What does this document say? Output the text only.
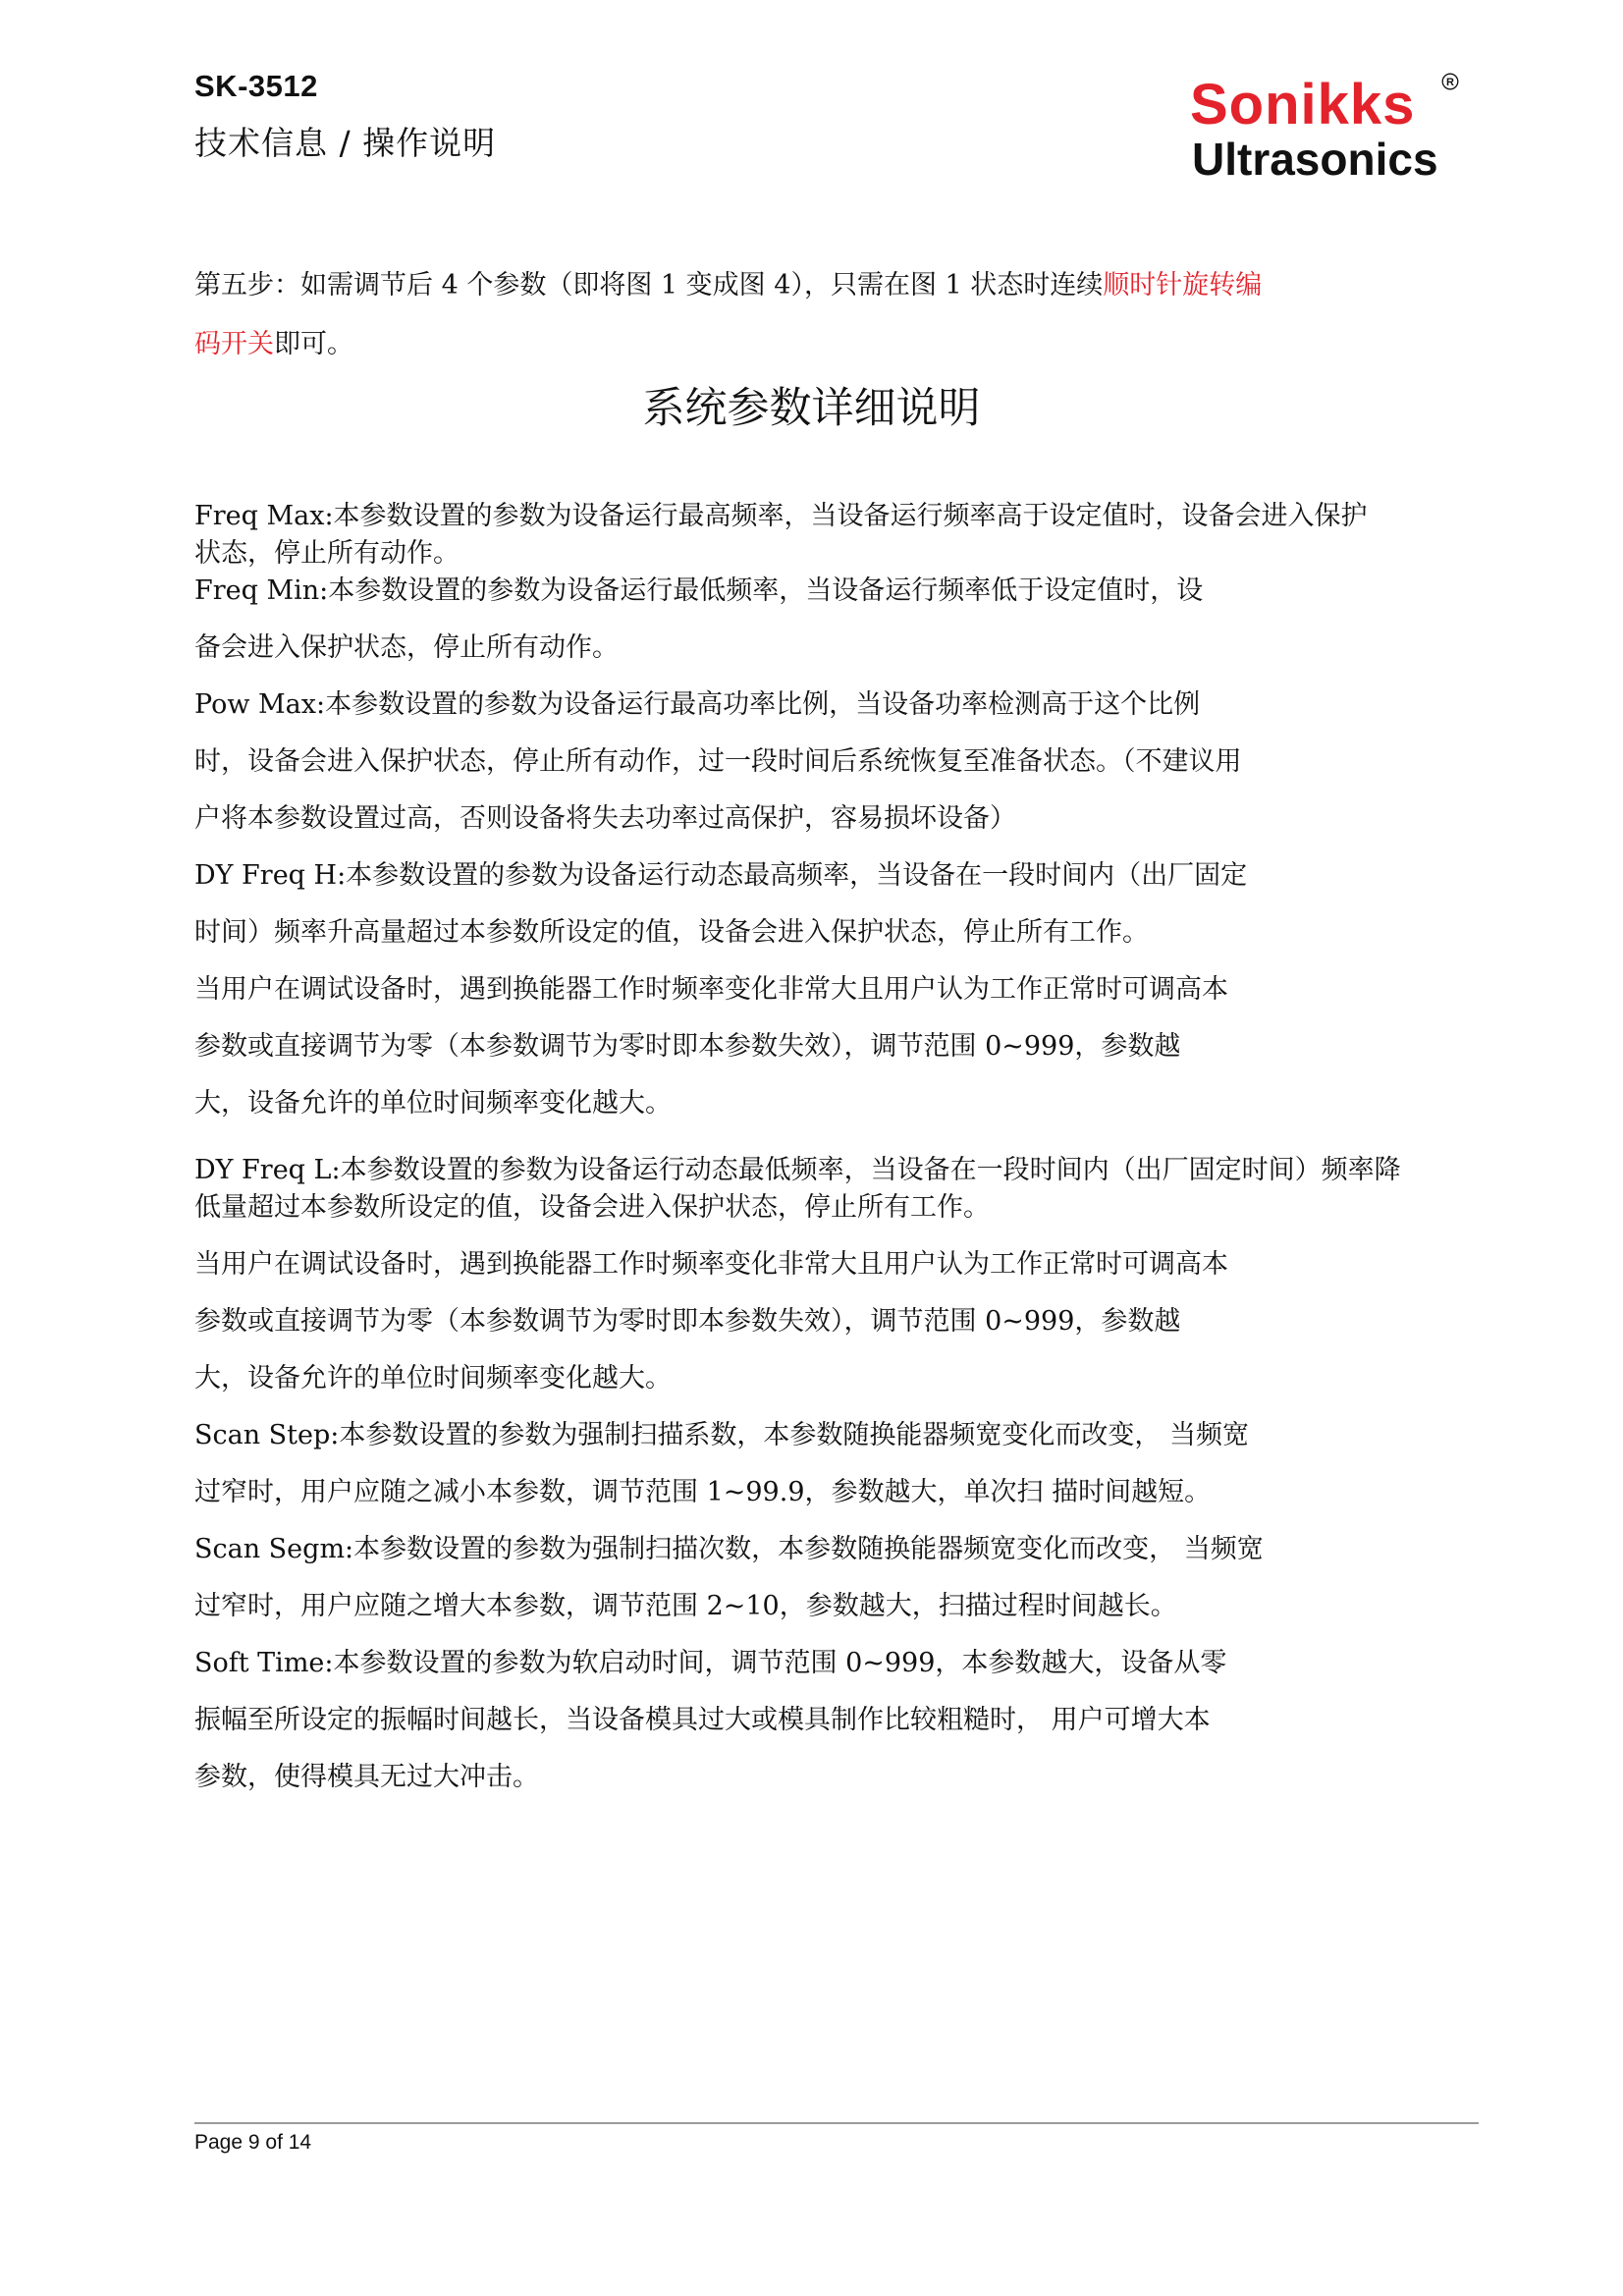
SK-3512
技术信息 / 操作说明
Sonikks	R
Ultrasonics
第五步：如需调节后 4 个参数（即将图 1 变成图 4），只需在图 1 状态时连续顺时针旋转编
码开关即可。
系统参数详细说明
Freq Max:本参数设置的参数为设备运行最高频率，当设备运行频率高于设定值时，设备会进入保护
状态，停止所有动作。
Freq Min:本参数设置的参数为设备运行最低频率，当设备运行频率低于设定值时，设
备会进入保护状态，停止所有动作。
Pow Max:本参数设置的参数为设备运行最高功率比例，当设备功率检测高于这个比例
时，设备会进入保护状态，停止所有动作，过一段时间后系统恢复至准备状态。（不建议用
户将本参数设置过高，否则设备将失去功率过高保护，容易损坏设备）
DY Freq H:本参数设置的参数为设备运行动态最高频率，当设备在一段时间内（出厂固定
时间）频率升高量超过本参数所设定的值，设备会进入保护状态，停止所有工作。
当用户在调试设备时，遇到换能器工作时频率变化非常大且用户认为工作正常时可调高本
参数或直接调节为零（本参数调节为零时即本参数失效），调节范围 0~999，参数越
大，设备允许的单位时间频率变化越大。
DY Freq L:本参数设置的参数为设备运行动态最低频率，当设备在一段时间内（出厂固定时间）频率降
低量超过本参数所设定的值，设备会进入保护状态，停止所有工作。
当用户在调试设备时，遇到换能器工作时频率变化非常大且用户认为工作正常时可调高本
参数或直接调节为零（本参数调节为零时即本参数失效），调节范围 0~999，参数越
大，设备允许的单位时间频率变化越大。
Scan Step:本参数设置的参数为强制扫描系数，本参数随换能器频宽变化而改变， 当频宽
过窄时，用户应随之减小本参数，调节范围 1~99.9，参数越大，单次扫 描时间越短。
Scan Segm:本参数设置的参数为强制扫描次数，本参数随换能器频宽变化而改变， 当频宽
过窄时，用户应随之增大本参数，调节范围 2~10，参数越大，扫描过程时间越长。
Soft Time:本参数设置的参数为软启动时间，调节范围 0~999，本参数越大，设备从零
振幅至所设定的振幅时间越长，当设备模具过大或模具制作比较粗糙时， 用户可增大本
参数，使得模具无过大冲击。
Page 9 of 14
